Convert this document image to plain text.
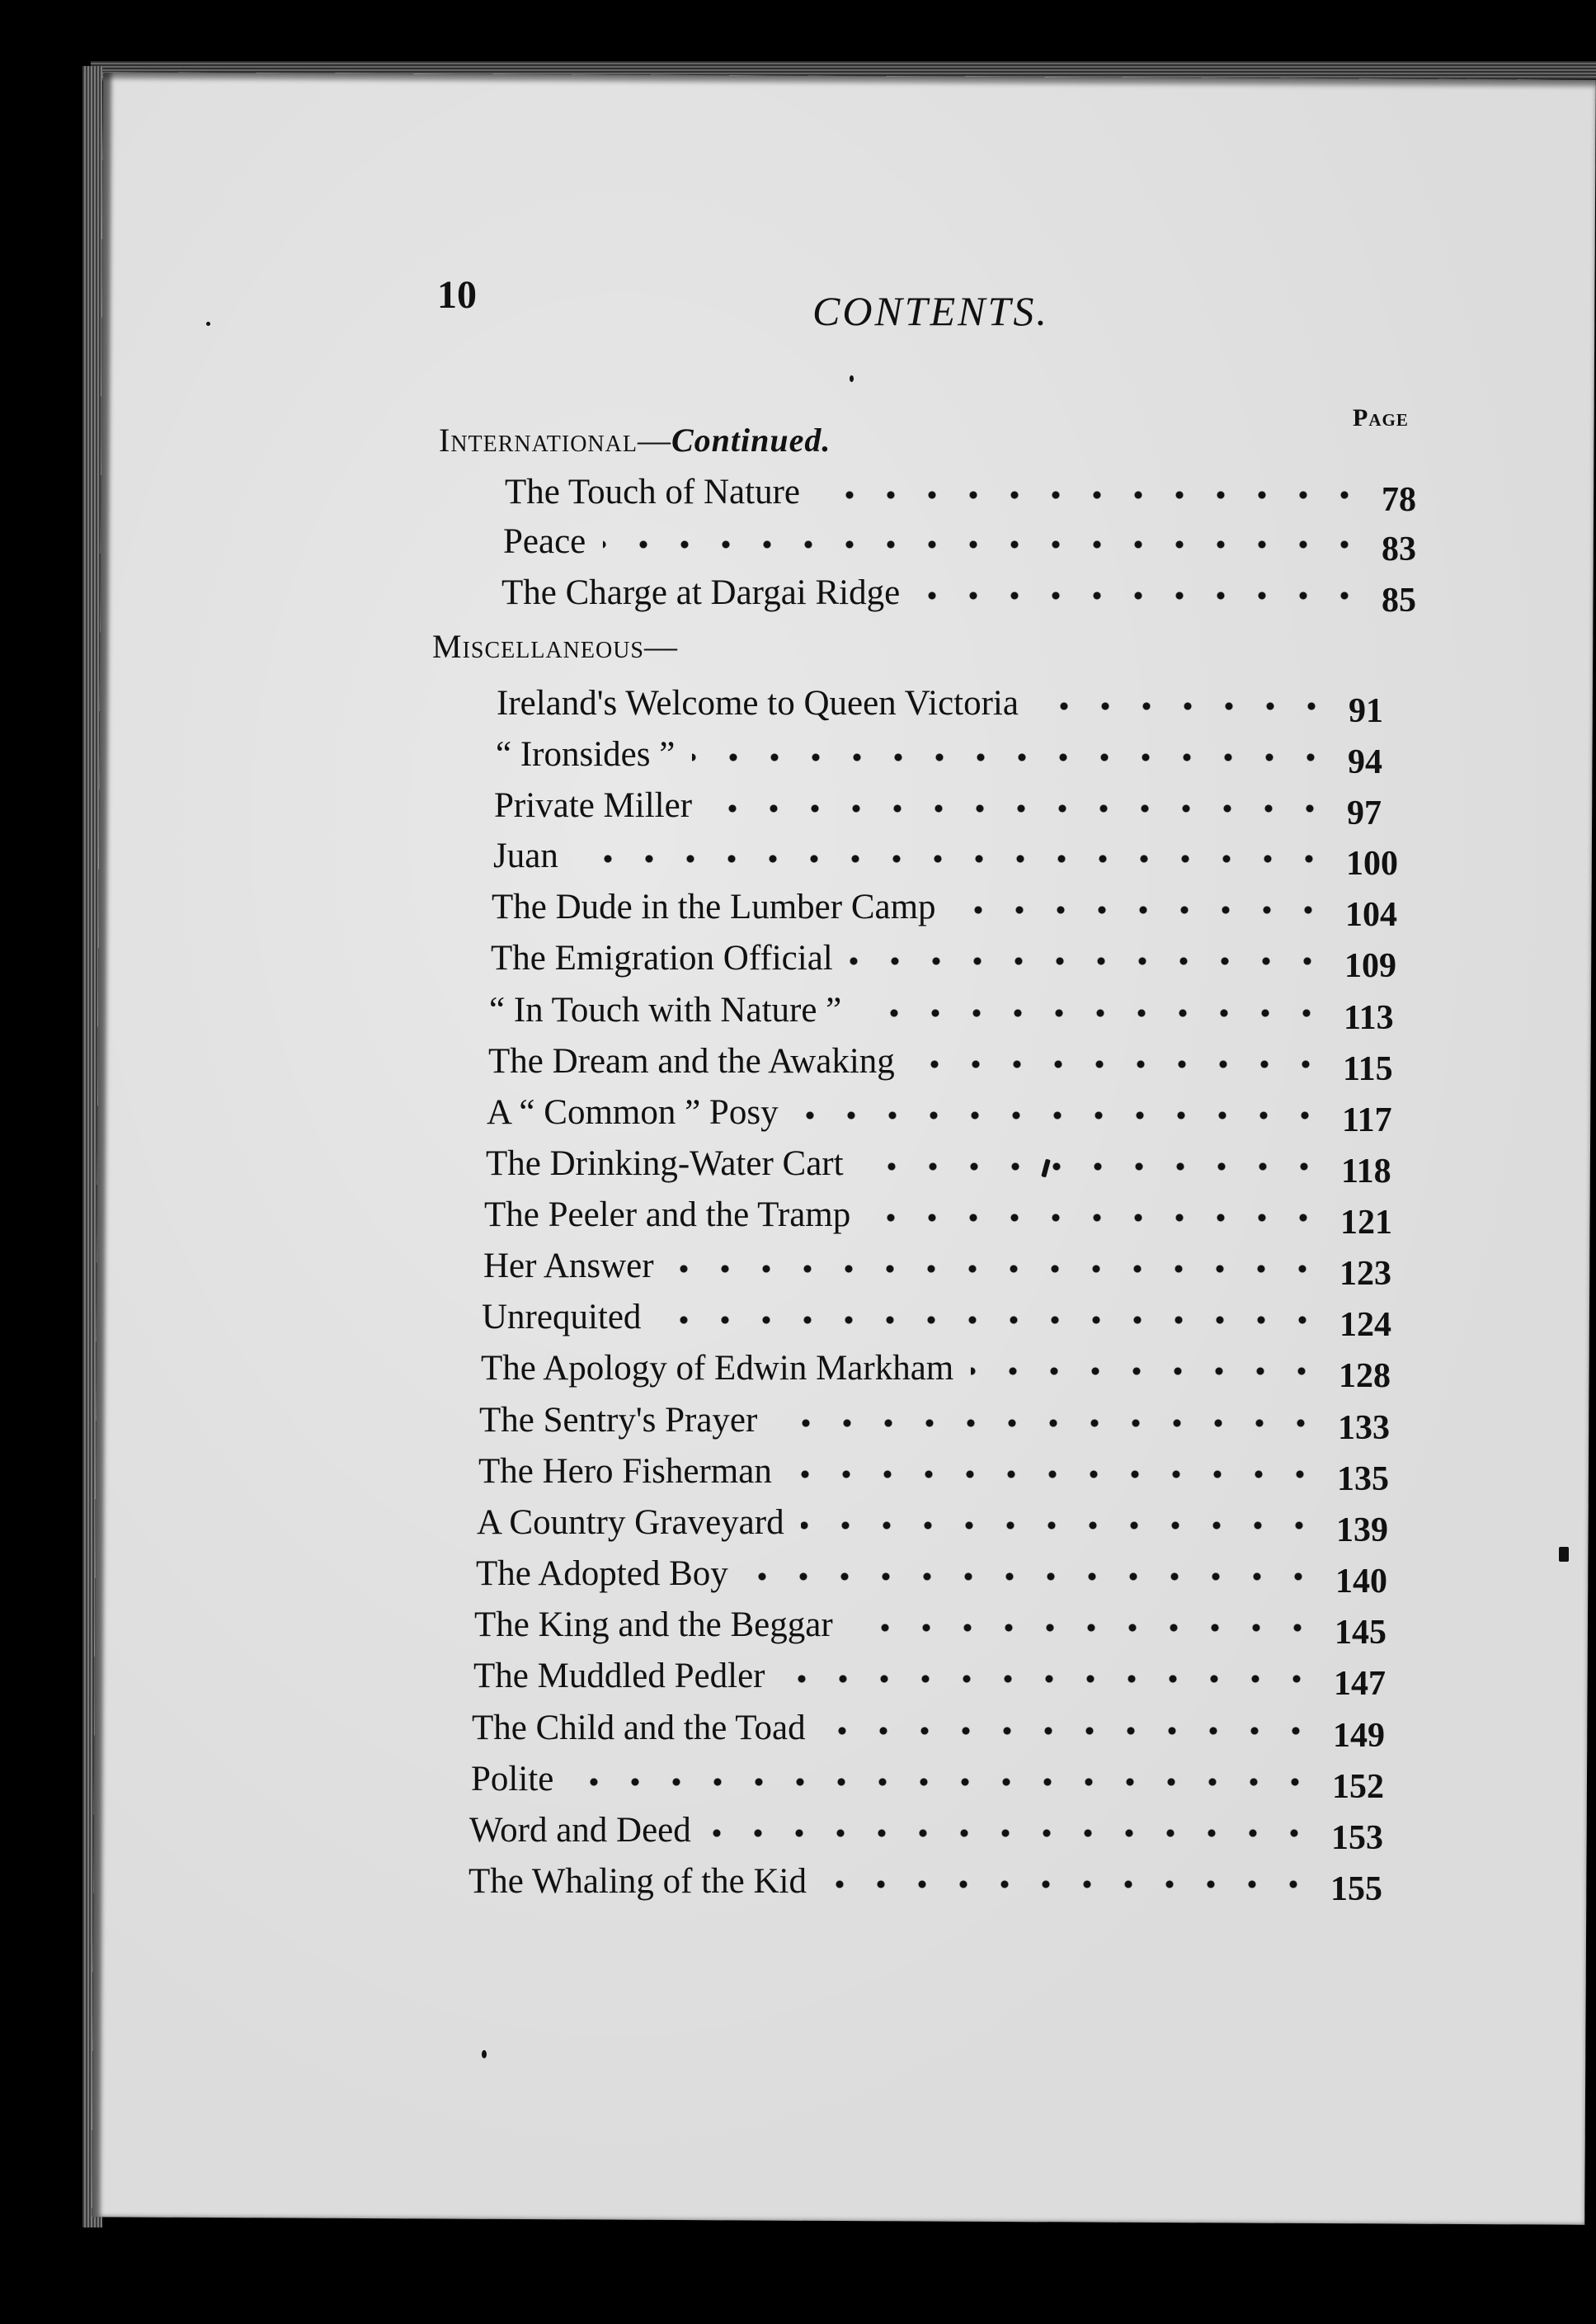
10	CONTENTS.
Page
International—Continued.
Miscellaneous—
The Touch of Nature	78
Peace	83
The Charge at Dargai Ridge	85
Ireland's Welcome to Queen Victoria	91
“ Ironsides ”	94
Private Miller	97
Juan	100
The Dude in the Lumber Camp	104
The Emigration Official	109
“ In Touch with Nature ”	113
The Dream and the Awaking	115
A “ Common ” Posy	117
The Drinking-Water Cart	118
The Peeler and the Tramp	121
Her Answer	123
Unrequited	124
The Apology of Edwin Markham	128
The Sentry's Prayer	133
The Hero Fisherman	135
A Country Graveyard	139
The Adopted Boy	140
The King and the Beggar	145
The Muddled Pedler	147
The Child and the Toad	149
Polite	152
Word and Deed	153
The Whaling of the Kid	155
